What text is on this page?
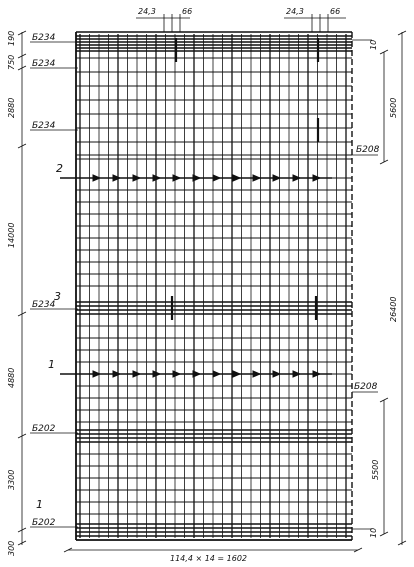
190
750
2880
14000
4880
3300
300
10
5600
26400
5500
10
24,3	66	24,3	66
Б234
Б234
Б234
Б234
Б202
Б202
Б208
Б208
2
3
1
1
114,4 × 14 = 1602
